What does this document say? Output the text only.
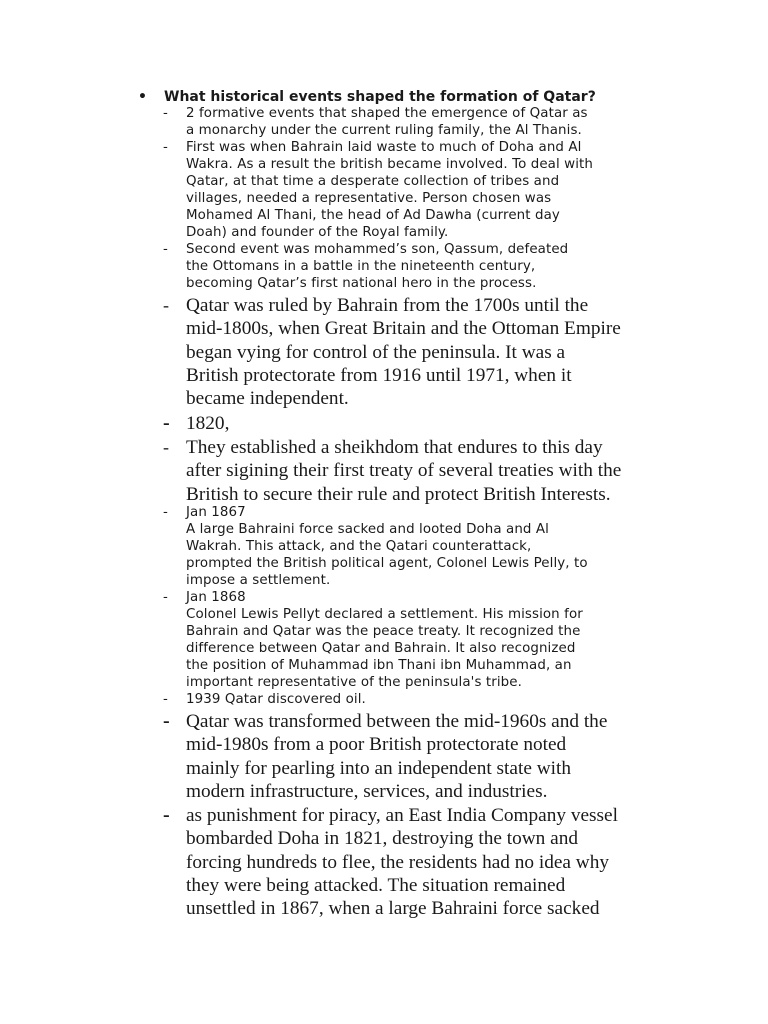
• What historical events shaped the formation of Qatar?
- 2 formative events that shaped the emergence of Qatar as
a monarchy under the current ruling family, the Al Thanis.
- First was when Bahrain laid waste to much of Doha and Al
Wakra. As a result the british became involved. To deal with
Qatar, at that time a desperate collection of tribes and
villages, needed a representative. Person chosen was
Mohamed Al Thani, the head of Ad Dawha (current day
Doah) and founder of the Royal family.
- Second event was mohammed’s son, Qassum, defeated
the Ottomans in a battle in the nineteenth century,
becoming Qatar’s first national hero in the process.
- Qatar was ruled by Bahrain from the 1700s until the
mid-1800s, when Great Britain and the Ottoman Empire
began vying for control of the peninsula. It was a
British protectorate from 1916 until 1971, when it
became independent.
- 1820,
- They established a sheikhdom that endures to this day
after sigining their first treaty of several treaties with the
British to secure their rule and protect British Interests.
- Jan 1867
A large Bahraini force sacked and looted Doha and Al
Wakrah. This attack, and the Qatari counterattack,
prompted the British political agent, Colonel Lewis Pelly, to
impose a settlement.
- Jan 1868
Colonel Lewis Pellyt declared a settlement. His mission for
Bahrain and Qatar was the peace treaty. It recognized the
difference between Qatar and Bahrain. It also recognized
the position of Muhammad ibn Thani ibn Muhammad, an
important representative of the peninsula's tribe.
- 1939 Qatar discovered oil.
- Qatar was transformed between the mid-1960s and the
mid-1980s from a poor British protectorate noted
mainly for pearling into an independent state with
modern infrastructure, services, and industries.
- as punishment for piracy, an East India Company vessel
bombarded Doha in 1821, destroying the town and
forcing hundreds to flee, the residents had no idea why
they were being attacked. The situation remained
unsettled in 1867, when a large Bahraini force sacked
